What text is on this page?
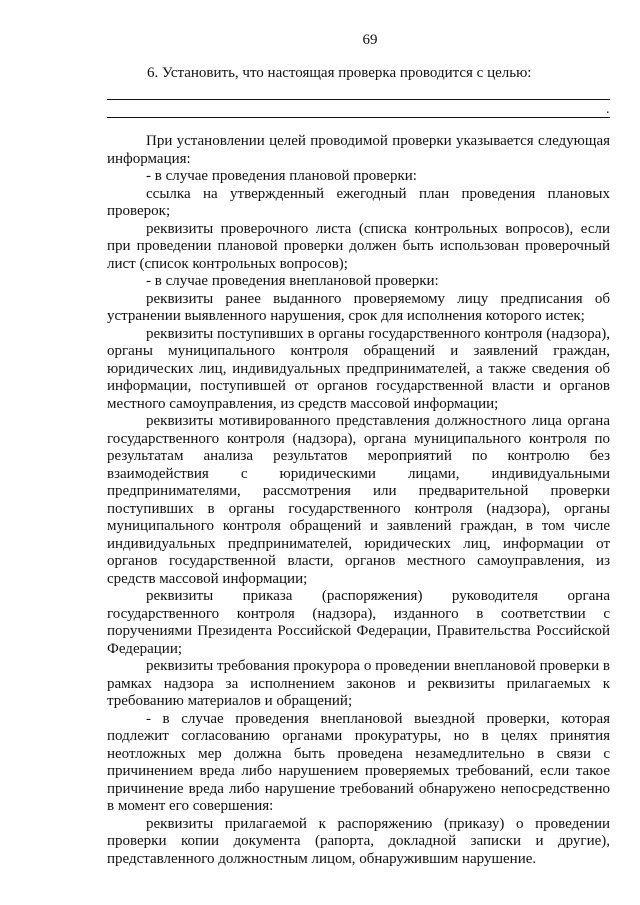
69
6. Установить, что настоящая проверка проводится с целью:
.

При установлении целей проводимой проверки указывается следующая информация:

- в случае проведения плановой проверки:

ссылка на утвержденный ежегодный план проведения плановых проверок;

реквизиты проверочного листа (списка контрольных вопросов), если при проведении плановой проверки должен быть использован проверочный лист (список контрольных вопросов);

- в случае проведения внеплановой проверки:

реквизиты ранее выданного проверяемому лицу предписания об устранении выявленного нарушения, срок для исполнения которого истек;

реквизиты поступивших в органы государственного контроля (надзора), органы муниципального контроля обращений и заявлений граждан, юридических лиц, индивидуальных предпринимателей, а также сведения об информации, поступившей от органов государственной власти и органов местного самоуправления, из средств массовой информации;

реквизиты мотивированного представления должностного лица органа государственного контроля (надзора), органа муниципального контроля по результатам анализа результатов мероприятий по контролю без взаимодействия с юридическими лицами, индивидуальными предпринимателями, рассмотрения или предварительной проверки поступивших в органы государственного контроля (надзора), органы муниципального контроля обращений и заявлений граждан, в том числе индивидуальных предпринимателей, юридических лиц, информации от органов государственной власти, органов местного самоуправления, из средств массовой информации;

реквизиты приказа (распоряжения) руководителя органа государственного контроля (надзора), изданного в соответствии с поручениями Президента Российской Федерации, Правительства Российской Федерации;

реквизиты требования прокурора о проведении внеплановой проверки в рамках надзора за исполнением законов и реквизиты прилагаемых к требованию материалов и обращений;

- в случае проведения внеплановой выездной проверки, которая подлежит согласованию органами прокуратуры, но в целях принятия неотложных мер должна быть проведена незамедлительно в связи с причинением вреда либо нарушением проверяемых требований, если такое причинение вреда либо нарушение требований обнаружено непосредственно в момент его совершения:

реквизиты прилагаемой к распоряжению (приказу) о проведении проверки копии документа (рапорта, докладной записки и другие), представленного должностным лицом, обнаружившим нарушение.
